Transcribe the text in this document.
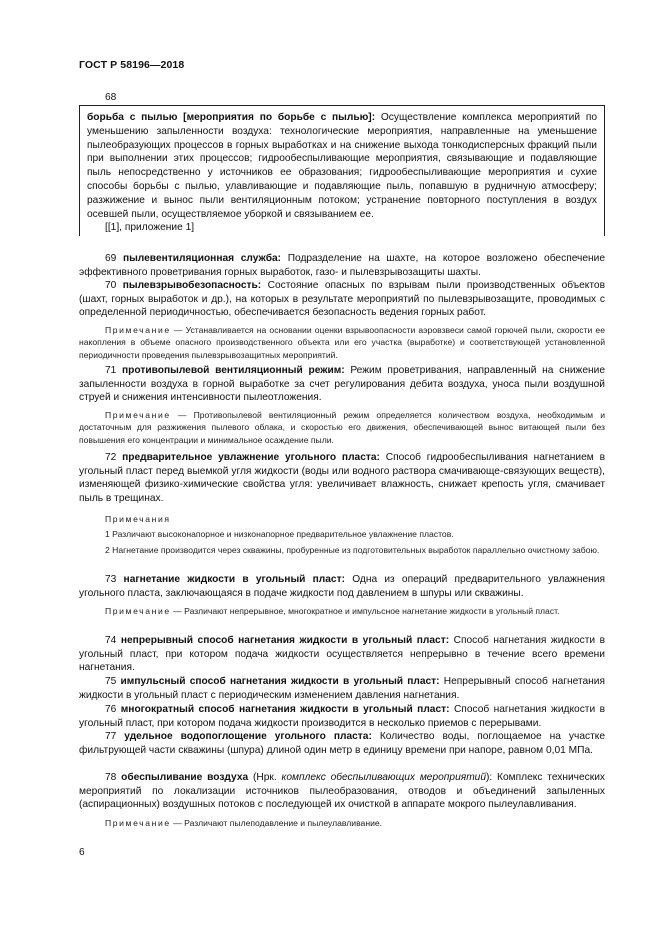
ГОСТ Р 58196—2018
68

борьба с пылью [мероприятия по борьбе с пылью]: Осуществление комплекса мероприятий по уменьшению запыленности воздуха: технологические мероприятия, направленные на уменьшение пылеобразующих процессов в горных выработках и на снижение выхода тонкодисперсных фракций пыли при выполнении этих процессов; гидрообеспыливающие мероприятия, связывающие и подавляющие пыль непосредственно у источников ее образования; гидрообеспыливающие мероприятия и сухие способы борьбы с пылью, улавливающие и подавляющие пыль, попавшую в рудничную атмосферу; разжижение и вынос пыли вентиляционным потоком; устранение повторного поступления в воздух осевшей пыли, осуществляемое уборкой и связыванием ее.

[[1], приложение 1]

69 пылевентиляционная служба: Подразделение на шахте, на которое возложено обеспечение эффективного проветривания горных выработок, газо- и пылевзрывозащиты шахты.

70 пылевзрывобезопасность: Состояние опасных по взрывам пыли производственных объектов (шахт, горных выработок и др.), на которых в результате мероприятий по пылевзрывозащите, проводимых с определенной периодичностью, обеспечивается безопасность ведения горных работ.

Примечание — Устанавливается на основании оценки взрывоопасности аэровзвеси самой горючей пыли, скорости ее накопления в объеме опасного производственного объекта или его участка (выработке) и соответствующей установленной периодичности проведения пылевзрывозащитных мероприятий.

71 противопылевой вентиляционный режим: Режим проветривания, направленный на снижение запыленности воздуха в горной выработке за счет регулирования дебита воздуха, уноса пыли воздушной струей и снижения интенсивности пылеотложения.

Примечание — Противопылевой вентиляционный режим определяется количеством воздуха, необходимым и достаточным для разжижения пылевого облака, и скоростью его движения, обеспечивающей вынос витающей пыли без повышения его концентрации и минимальное осаждение пыли.

72 предварительное увлажнение угольного пласта: Способ гидрообеспыливания нагнетанием в угольный пласт перед выемкой угля жидкости (воды или водного раствора смачивающе-связующих веществ), изменяющей физико-химические свойства угля: увеличивает влажность, снижает крепость угля, смачивает пыль в трещинах.

Примечания

1 Различают высоконапорное и низконапорное предварительное увлажнение пластов.

2 Нагнетание производится через скважины, пробуренные из подготовительных выработок параллельно очистному забою.

73 нагнетание жидкости в угольный пласт: Одна из операций предварительного увлажнения угольного пласта, заключающаяся в подаче жидкости под давлением в шпуры или скважины.

Примечание — Различают непрерывное, многократное и импульсное нагнетание жидкости в угольный пласт.

74 непрерывный способ нагнетания жидкости в угольный пласт: Способ нагнетания жидкости в угольный пласт, при котором подача жидкости осуществляется непрерывно в течение всего времени нагнетания.

75 импульсный способ нагнетания жидкости в угольный пласт: Непрерывный способ нагнетания жидкости в угольный пласт с периодическим изменением давления нагнетания.

76 многократный способ нагнетания жидкости в угольный пласт: Способ нагнетания жидкости в угольный пласт, при котором подача жидкости производится в несколько приемов с перерывами.

77 удельное водопоглощение угольного пласта: Количество воды, поглощаемое на участке фильтрующей части скважины (шпура) длиной один метр в единицу времени при напоре, равном 0,01 МПа.

78 обеспыливание воздуха (Нрк. комплекс обеспыливающих мероприятий): Комплекс технических мероприятий по локализации источников пылеобразования, отводов и объединений запыленных (аспирационных) воздушных потоков с последующей их очисткой в аппарате мокрого пылеулавливания.

Примечание — Различают пылеподавление и пылеулавливание.

6
